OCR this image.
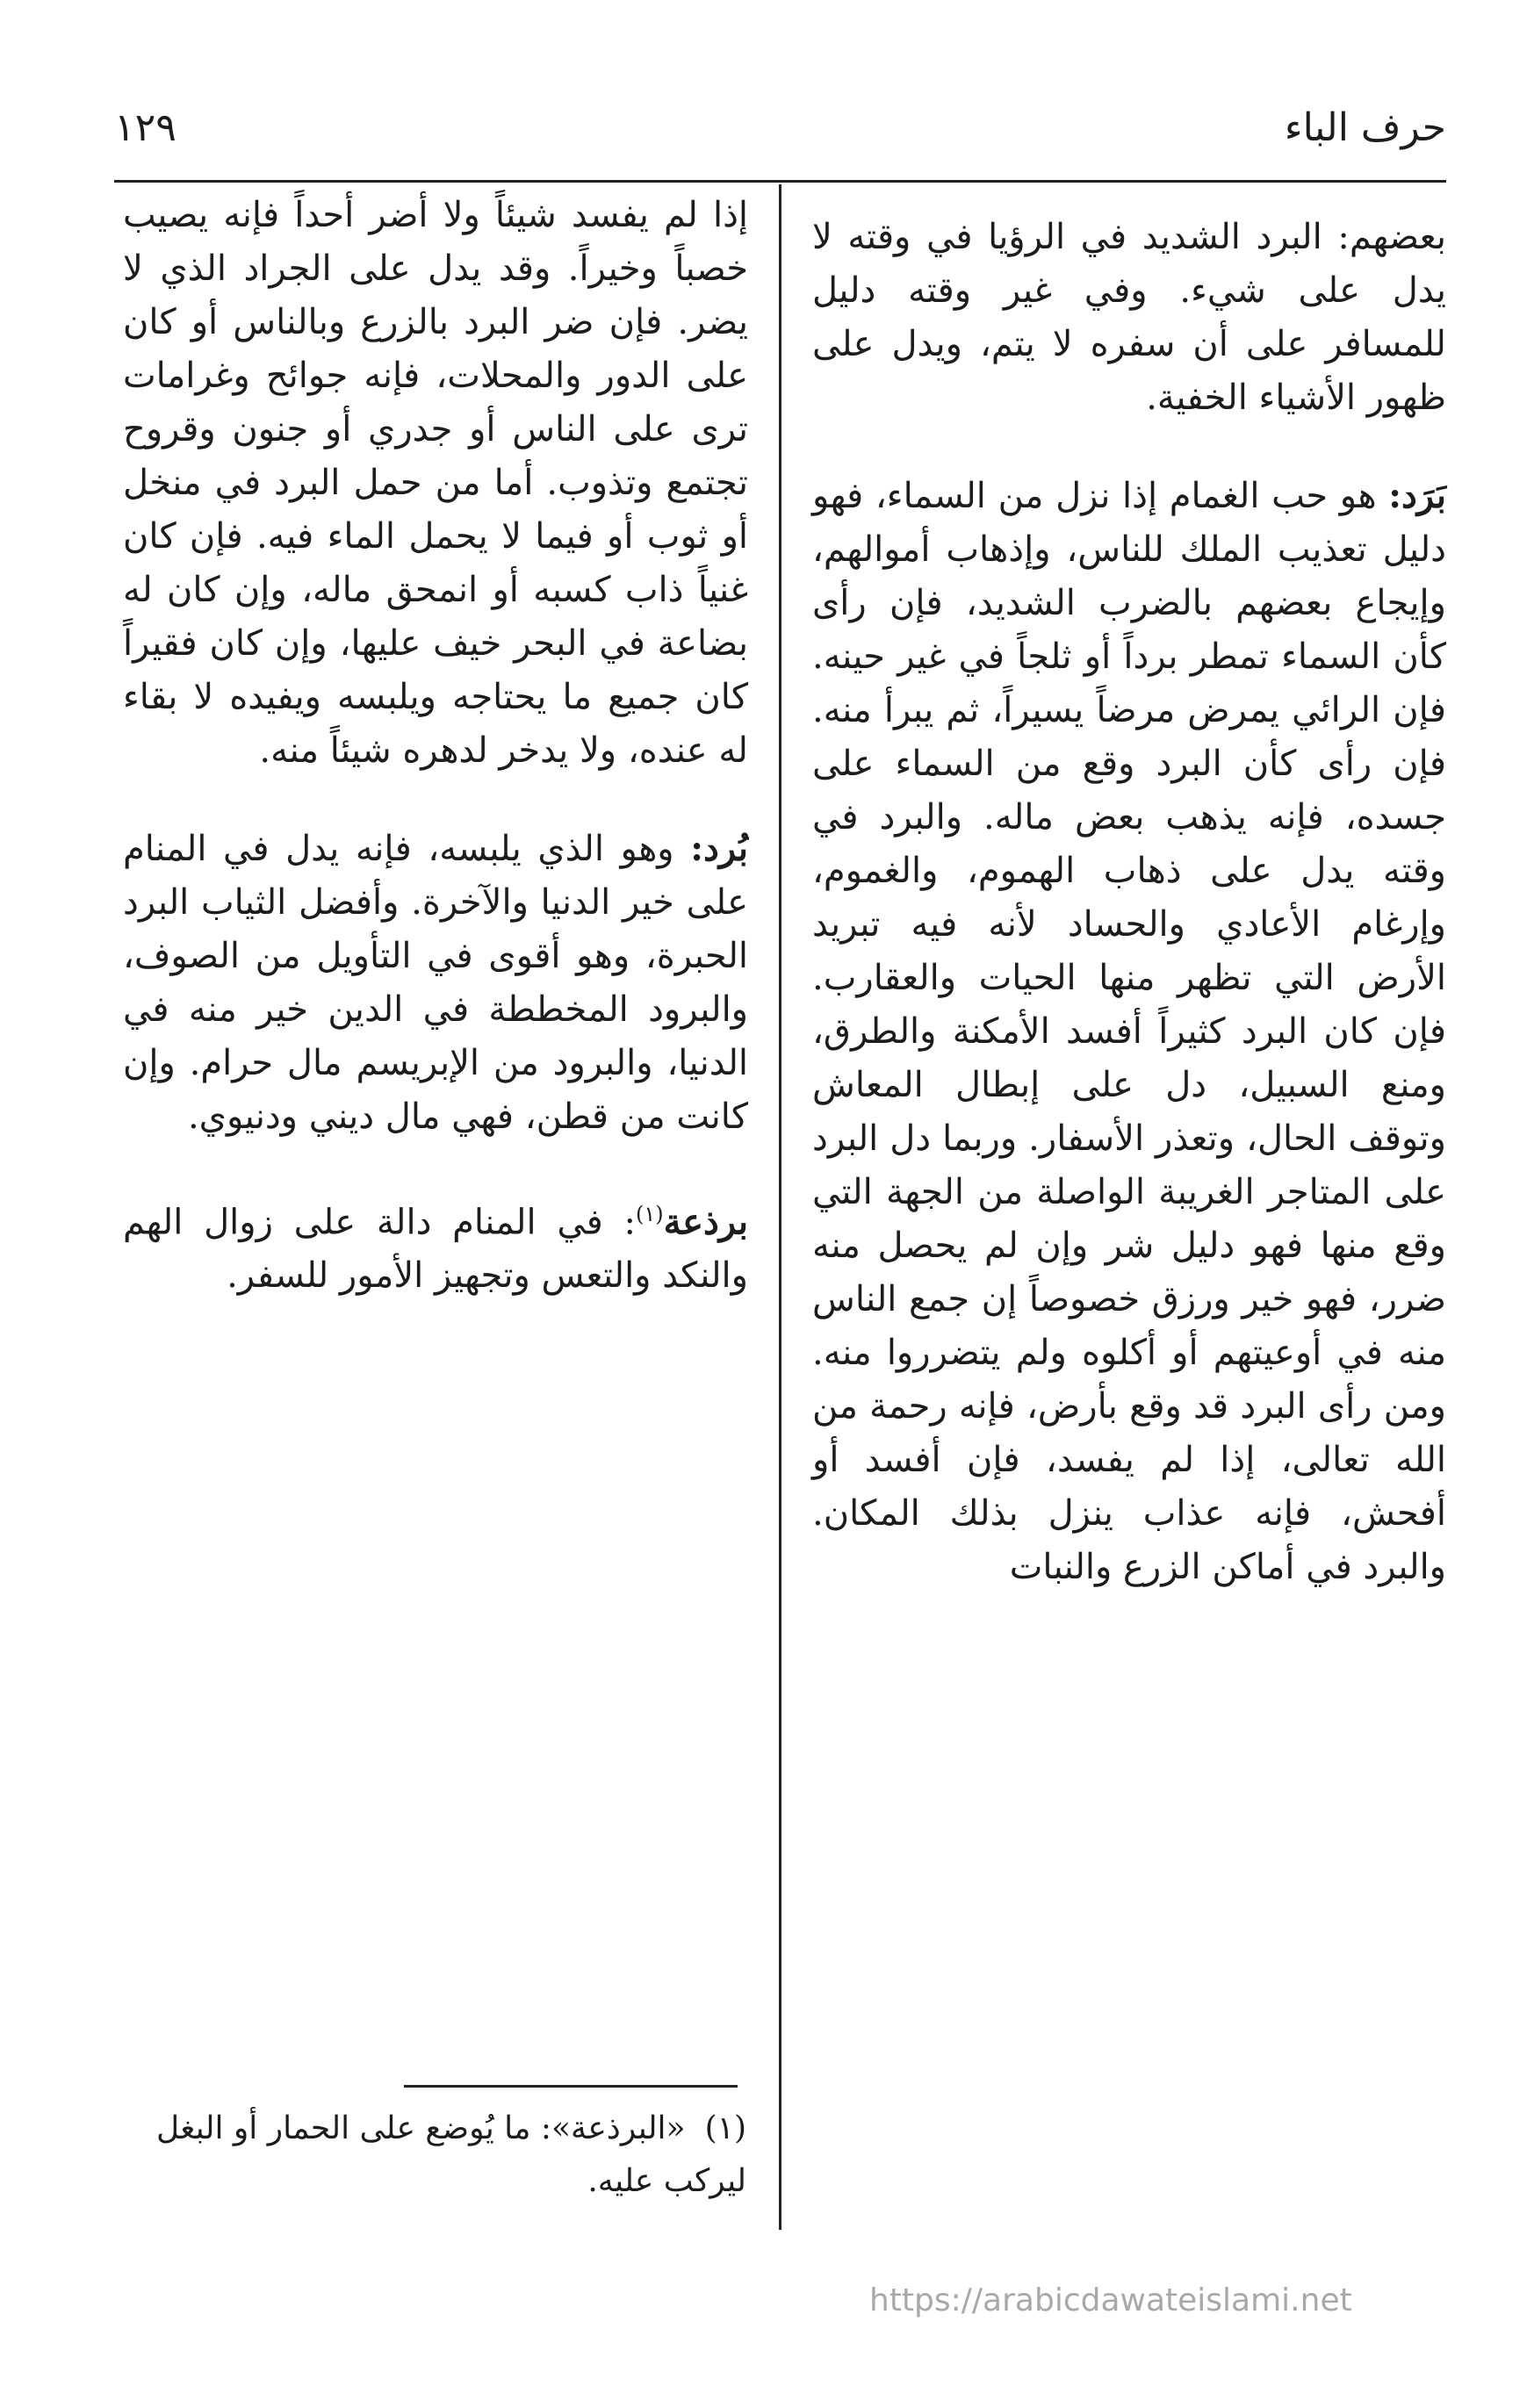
حرف الباء
١٢٩

بعضهم: البرد الشديد في الرؤيا في وقته لا يدل على شيء. وفي غير وقته دليل للمسافر على أن سفره لا يتم، ويدل على ظهور الأشياء الخفية.

بَرَد: هو حب الغمام إذا نزل من السماء، فهو دليل تعذيب الملك للناس، وإذهاب أموالهم، وإيجاع بعضهم بالضرب الشديد، فإن رأى كأن السماء تمطر برداً أو ثلجاً في غير حينه. فإن الرائي يمرض مرضاً يسيراً، ثم يبرأ منه. فإن رأى كأن البرد وقع من السماء على جسده، فإنه يذهب بعض ماله. والبرد في وقته يدل على ذهاب الهموم، والغموم، وإرغام الأعادي والحساد لأنه فيه تبريد الأرض التي تظهر منها الحيات والعقارب. فإن كان البرد كثيراً أفسد الأمكنة والطرق، ومنع السبيل، دل على إبطال المعاش وتوقف الحال، وتعذر الأسفار. وربما دل البرد على المتاجر الغريبة الواصلة من الجهة التي وقع منها فهو دليل شر وإن لم يحصل منه ضرر، فهو خير ورزق خصوصاً إن جمع الناس منه في أوعيتهم أو أكلوه ولم يتضرروا منه. ومن رأى البرد قد وقع بأرض، فإنه رحمة من الله تعالى، إذا لم يفسد، فإن أفسد أو أفحش، فإنه عذاب ينزل بذلك المكان. والبرد في أماكن الزرع والنبات

إذا لم يفسد شيئاً ولا أضر أحداً فإنه يصيب خصباً وخيراً. وقد يدل على الجراد الذي لا يضر. فإن ضر البرد بالزرع وبالناس أو كان على الدور والمحلات، فإنه جوائح وغرامات ترى على الناس أو جدري أو جنون وقروح تجتمع وتذوب. أما من حمل البرد في منخل أو ثوب أو فيما لا يحمل الماء فيه. فإن كان غنياً ذاب كسبه أو انمحق ماله، وإن كان له بضاعة في البحر خيف عليها، وإن كان فقيراً كان جميع ما يحتاجه ويلبسه ويفيده لا بقاء له عنده، ولا يدخر لدهره شيئاً منه.

بُرد: وهو الذي يلبسه، فإنه يدل في المنام على خير الدنيا والآخرة. وأفضل الثياب البرد الحبرة، وهو أقوى في التأويل من الصوف، والبرود المخططة في الدين خير منه في الدنيا، والبرود من الإبريسم مال حرام. وإن كانت من قطن، فهي مال ديني ودنيوي.

برذعة$^{(١)}$: في المنام دالة على زوال الهم والنكد والتعس وتجهيز الأمور للسفر.

(١)«البرذعة»: ما يُوضع على الحمار أو البغل ليركب عليه.
https://arabicdawateislami.net
